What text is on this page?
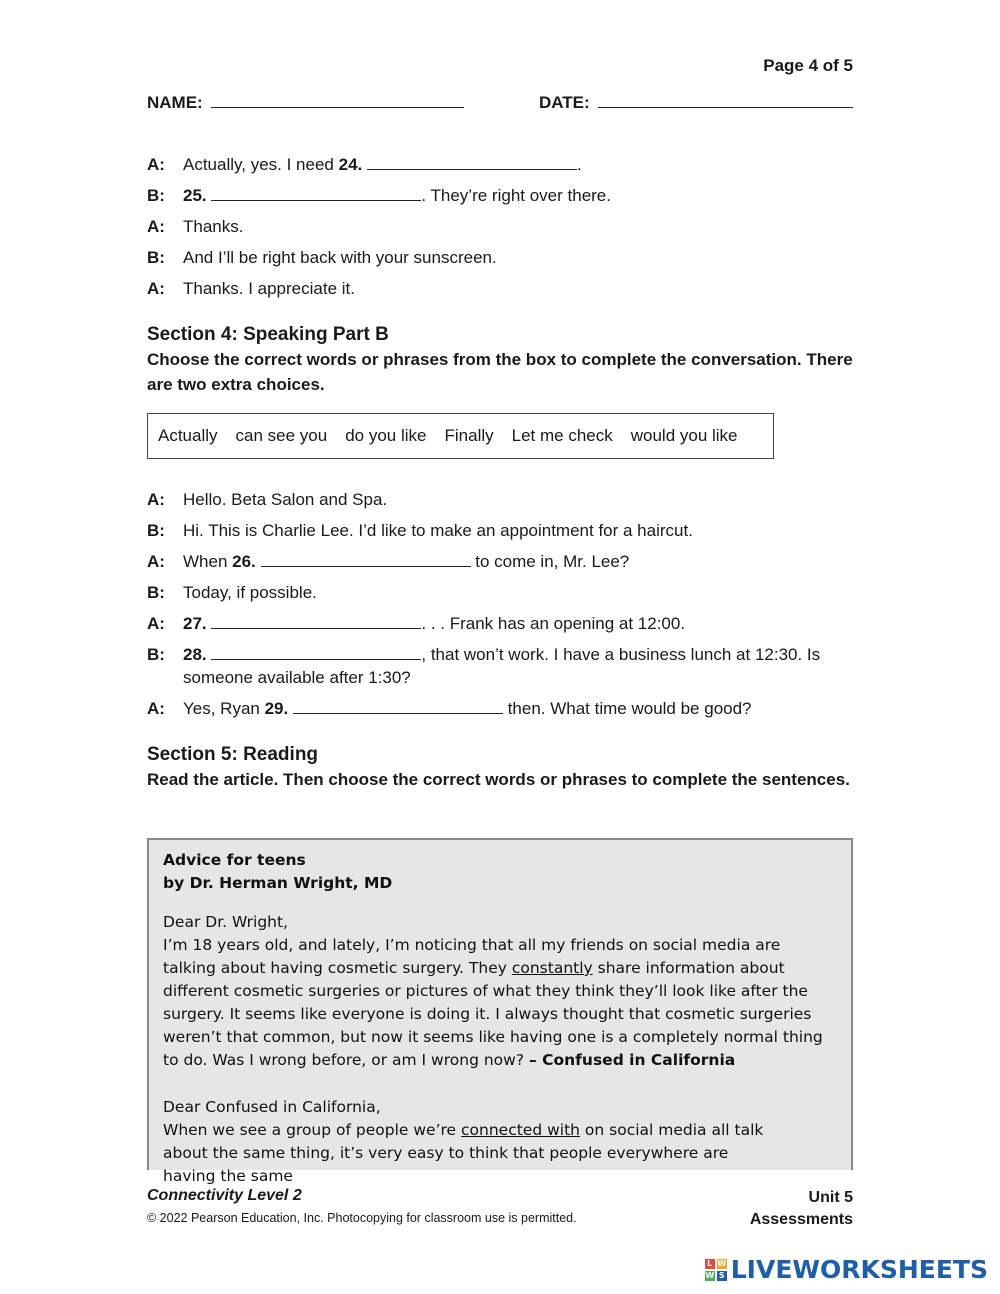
Page 4 of 5
NAME:	DATE:
A: Actually, yes. I need 24.	.
B: 25.	. They’re right over there.
A: Thanks.
B: And I’ll be right back with your sunscreen.
A: Thanks. I appreciate it.
Section 4: Speaking Part B
Choose the correct words or phrases from the box to complete the conversation. There are two extra choices.
Actually can see you do you like Finally Let me check would you like
A: Hello. Beta Salon and Spa.
B: Hi. This is Charlie Lee. I’d like to make an appointment for a haircut.
A: When 26.	to come in, Mr. Lee?
B: Today, if possible.
A: 27.	. . . Frank has an opening at 12:00.
B: 28.	, that won’t work. I have a business lunch at 12:30. Is someone available after 1:30?
A: Yes, Ryan 29.	then. What time would be good?
Section 5: Reading
Read the article. Then choose the correct words or phrases to complete the sentences.

Advice for teens

by Dr. Herman Wright, MD

Dear Dr. Wright,

I’m 18 years old, and lately, I’m noticing that all my friends on social media are talking about having cosmetic surgery. They constantly share information about different cosmetic surgeries or pictures of what they think they’ll look like after the surgery. It seems like everyone is doing it. I always thought that cosmetic surgeries weren’t that common, but now it seems like having one is a completely normal thing to do. Was I wrong before, or am I wrong now? – Confused in California

Dear Confused in California,

When we see a group of people we’re connected with on social media all talk about the same thing, it’s very easy to think that people everywhere are having the same

Connectivity Level 2
© 2022 Pearson Education, Inc. Photocopying for classroom use is permitted.
Unit 5
Assessments
L W
W S LIVEWORKSHEETS
